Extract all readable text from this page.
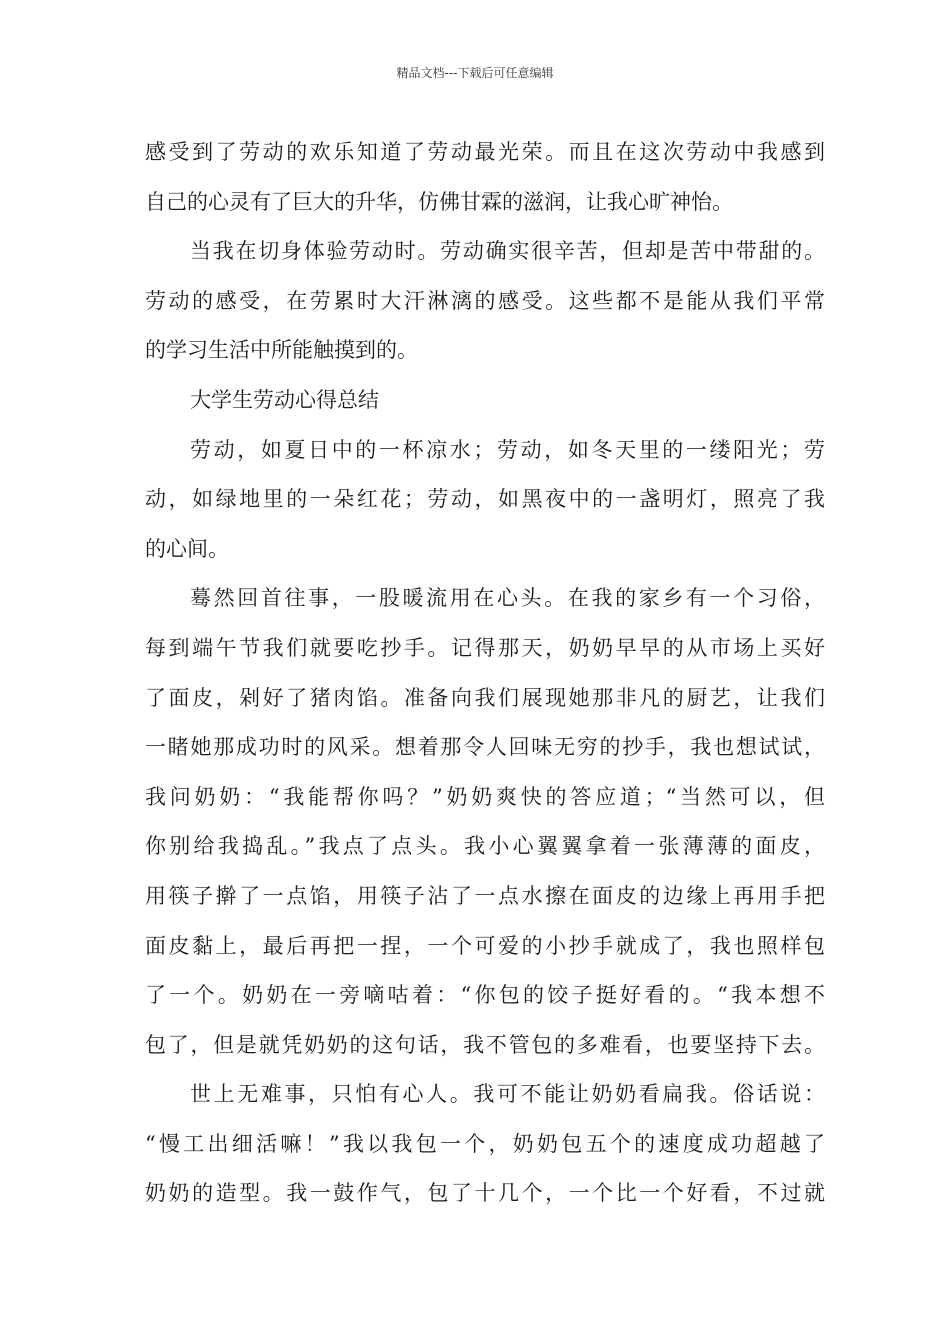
精品文档---下载后可任意编辑
感受到了劳动的欢乐知道了劳动最光荣。而且在这次劳动中我感到
自己的心灵有了巨大的升华，仿佛甘霖的滋润，让我心旷神怡。
当我在切身体验劳动时。劳动确实很辛苦，但却是苦中带甜的。
劳动的感受，在劳累时大汗淋漓的感受。这些都不是能从我们平常
的学习生活中所能触摸到的。
大学生劳动心得总结
劳动，如夏日中的一杯凉水；劳动，如冬天里的一缕阳光；劳
动，如绿地里的一朵红花；劳动，如黑夜中的一盏明灯，照亮了我
的心间。
蓦然回首往事，一股暖流用在心头。在我的家乡有一个习俗，
每到端午节我们就要吃抄手。记得那天，奶奶早早的从市场上买好
了面皮，剁好了猪肉馅。准备向我们展现她那非凡的厨艺，让我们
一睹她那成功时的风采。想着那令人回味无穷的抄手，我也想试试，
我问奶奶：“我能帮你吗？”奶奶爽快的答应道；“当然可以，但
你别给我捣乱。”我点了点头。我小心翼翼拿着一张薄薄的面皮，
用筷子擀了一点馅，用筷子沾了一点水擦在面皮的边缘上再用手把
面皮黏上，最后再把一捏，一个可爱的小抄手就成了，我也照样包
了一个。奶奶在一旁嘀咕着：“你包的饺子挺好看的。“我本想不
包了，但是就凭奶奶的这句话，我不管包的多难看，也要坚持下去。
世上无难事，只怕有心人。我可不能让奶奶看扁我。俗话说：
“慢工出细活嘛！”我以我包一个，奶奶包五个的速度成功超越了
奶奶的造型。我一鼓作气，包了十几个，一个比一个好看，不过就
